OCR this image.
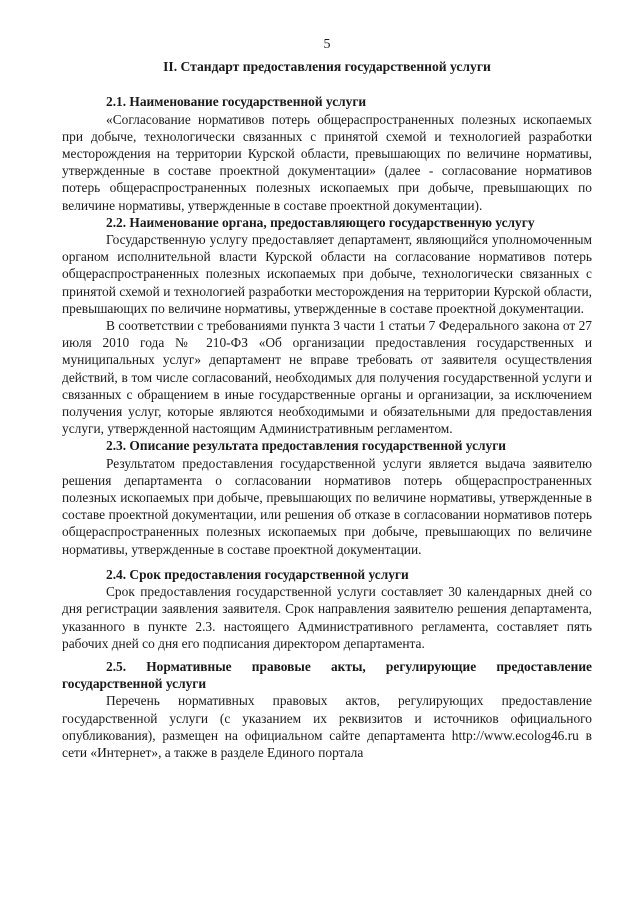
5
II. Стандарт предоставления государственной услуги
2.1. Наименование государственной услуги

«Согласование нормативов потерь общераспространенных полезных ископаемых при добыче, технологически связанных с принятой схемой и технологией разработки месторождения на территории Курской области, превышающих по величине нормативы, утвержденные в составе проектной документации» (далее - согласование нормативов потерь общераспространенных полезных ископаемых при добыче, превышающих по величине нормативы, утвержденные в составе проектной документации).

2.2. Наименование органа, предоставляющего государственную услугу

Государственную услугу предоставляет департамент, являющийся уполномоченным органом исполнительной власти Курской области на согласование нормативов потерь общераспространенных полезных ископаемых при добыче, технологически связанных с принятой схемой и технологией разработки месторождения на территории Курской области, превышающих по величине нормативы, утвержденные в составе проектной документации.

В соответствии с требованиями пункта 3 части 1 статьи 7 Федерального закона от 27 июля 2010 года № 210-ФЗ «Об организации предоставления государственных и муниципальных услуг» департамент не вправе требовать от заявителя осуществления действий, в том числе согласований, необходимых для получения государственной услуги и связанных с обращением в иные государственные органы и организации, за исключением получения услуг, которые являются необходимыми и обязательными для предоставления услуги, утвержденной настоящим Административным регламентом.

2.3. Описание результата предоставления государственной услуги

Результатом предоставления государственной услуги является выдача заявителю решения департамента о согласовании нормативов потерь общераспространенных полезных ископаемых при добыче, превышающих по величине нормативы, утвержденные в составе проектной документации, или решения об отказе в согласовании нормативов потерь общераспространенных полезных ископаемых при добыче, превышающих по величине нормативы, утвержденные в составе проектной документации.

2.4. Срок предоставления государственной услуги

Срок предоставления государственной услуги составляет 30 календарных дней со дня регистрации заявления заявителя. Срок направления заявителю решения департамента, указанного в пункте 2.3. настоящего Административного регламента, составляет пять рабочих дней со дня его подписания директором департамента.

2.5. Нормативные правовые акты, регулирующие предоставление государственной услуги

Перечень нормативных правовых актов, регулирующих предоставление государственной услуги (с указанием их реквизитов и источников официального опубликования), размещен на официальном сайте департамента http://www.ecolog46.ru в сети «Интернет», а также в разделе Единого портала
